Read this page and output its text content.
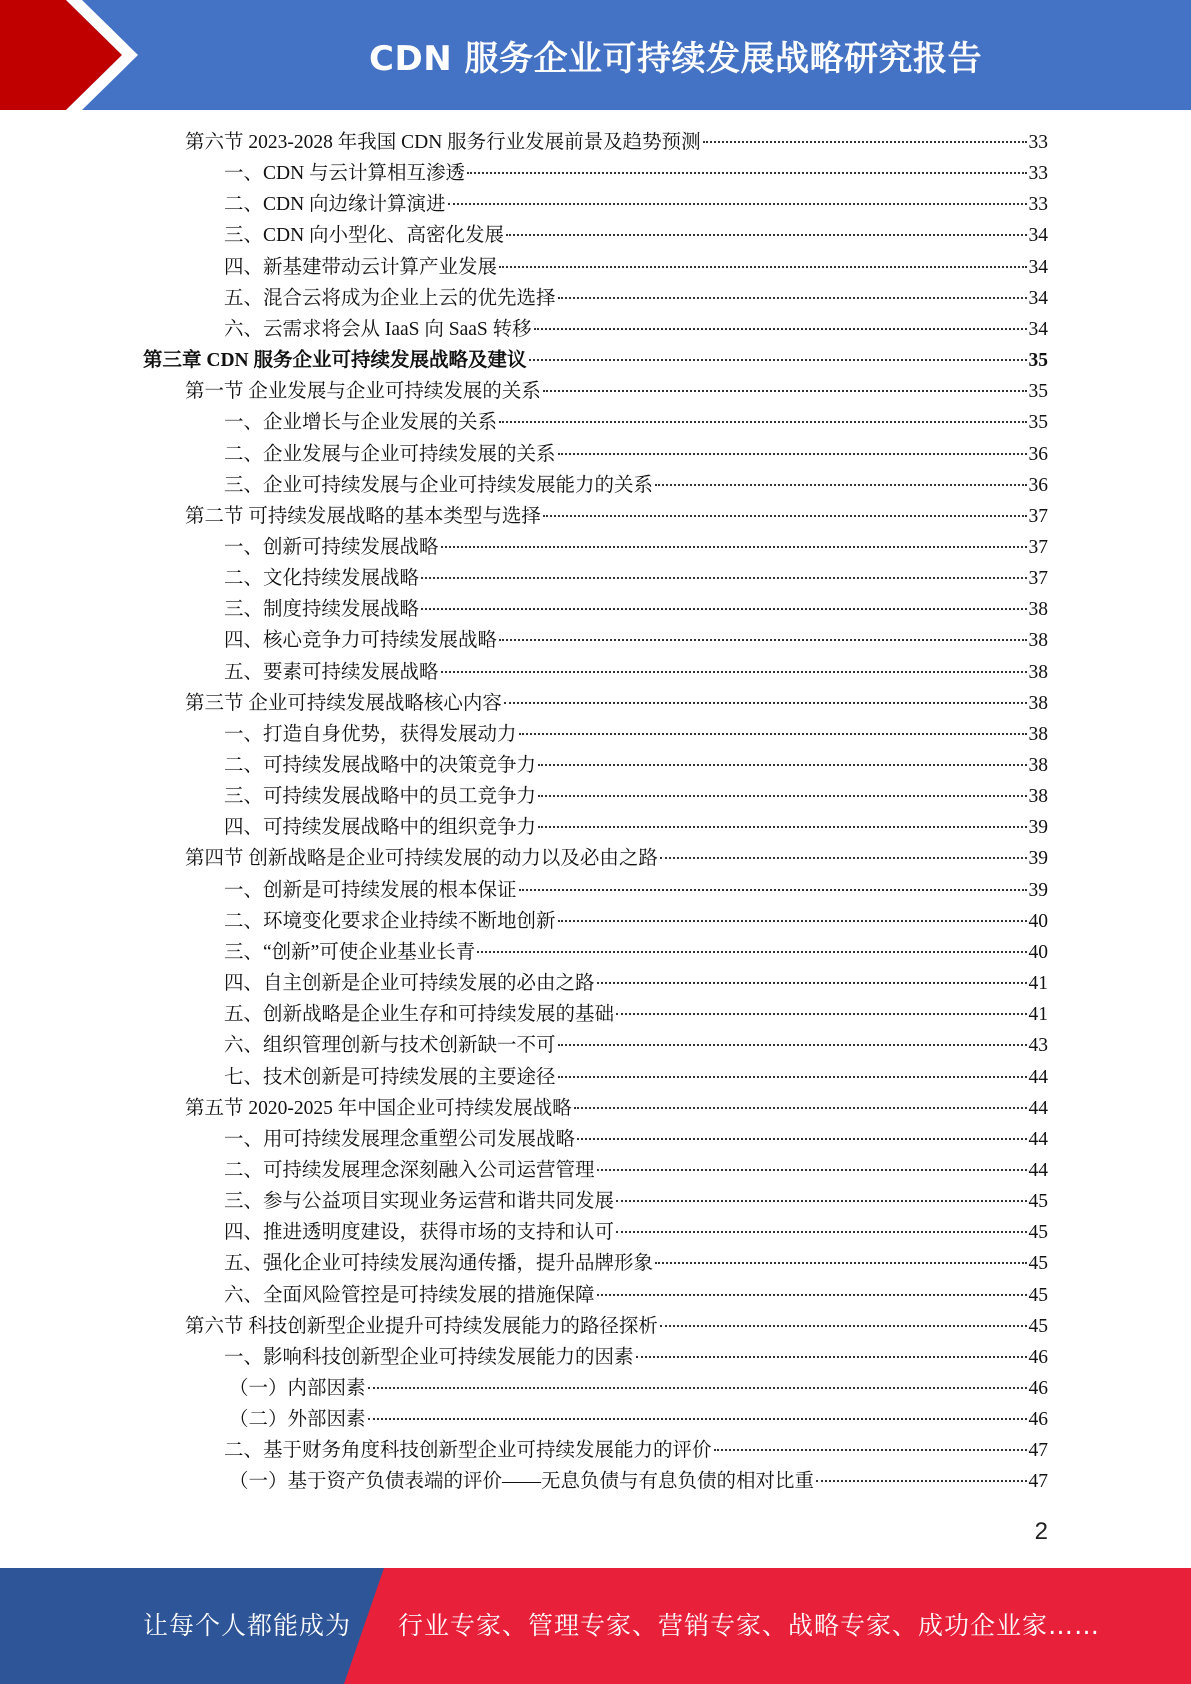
CDN 服务企业可持续发展战略研究报告
第六节 2023-2028 年我国 CDN 服务行业发展前景及趋势预测	33
一、CDN 与云计算相互渗透	33
二、CDN 向边缘计算演进	33
三、CDN 向小型化、高密化发展	34
四、新基建带动云计算产业发展	34
五、混合云将成为企业上云的优先选择	34
六、云需求将会从 IaaS 向 SaaS 转移	34
第三章 CDN 服务企业可持续发展战略及建议	35
第一节 企业发展与企业可持续发展的关系	35
一、企业增长与企业发展的关系	35
二、企业发展与企业可持续发展的关系	36
三、企业可持续发展与企业可持续发展能力的关系	36
第二节 可持续发展战略的基本类型与选择	37
一、创新可持续发展战略	37
二、文化持续发展战略	37
三、制度持续发展战略	38
四、核心竞争力可持续发展战略	38
五、要素可持续发展战略	38
第三节 企业可持续发展战略核心内容	38
一、打造自身优势，获得发展动力	38
二、可持续发展战略中的决策竞争力	38
三、可持续发展战略中的员工竞争力	38
四、可持续发展战略中的组织竞争力	39
第四节 创新战略是企业可持续发展的动力以及必由之路	39
一、创新是可持续发展的根本保证	39
二、环境变化要求企业持续不断地创新	40
三、“创新”可使企业基业长青	40
四、自主创新是企业可持续发展的必由之路	41
五、创新战略是企业生存和可持续发展的基础	41
六、组织管理创新与技术创新缺一不可	43
七、技术创新是可持续发展的主要途径	44
第五节 2020-2025 年中国企业可持续发展战略	44
一、用可持续发展理念重塑公司发展战略	44
二、可持续发展理念深刻融入公司运营管理	44
三、参与公益项目实现业务运营和谐共同发展	45
四、推进透明度建设，获得市场的支持和认可	45
五、强化企业可持续发展沟通传播，提升品牌形象	45
六、全面风险管控是可持续发展的措施保障	45
第六节 科技创新型企业提升可持续发展能力的路径探析	45
一、影响科技创新型企业可持续发展能力的因素	46
（一）内部因素	46
（二）外部因素	46
二、基于财务角度科技创新型企业可持续发展能力的评价	47
（一）基于资产负债表端的评价——无息负债与有息负债的相对比重	47
2
让每个人都能成为 行业专家、管理专家、营销专家、战略专家、成功企业家……
